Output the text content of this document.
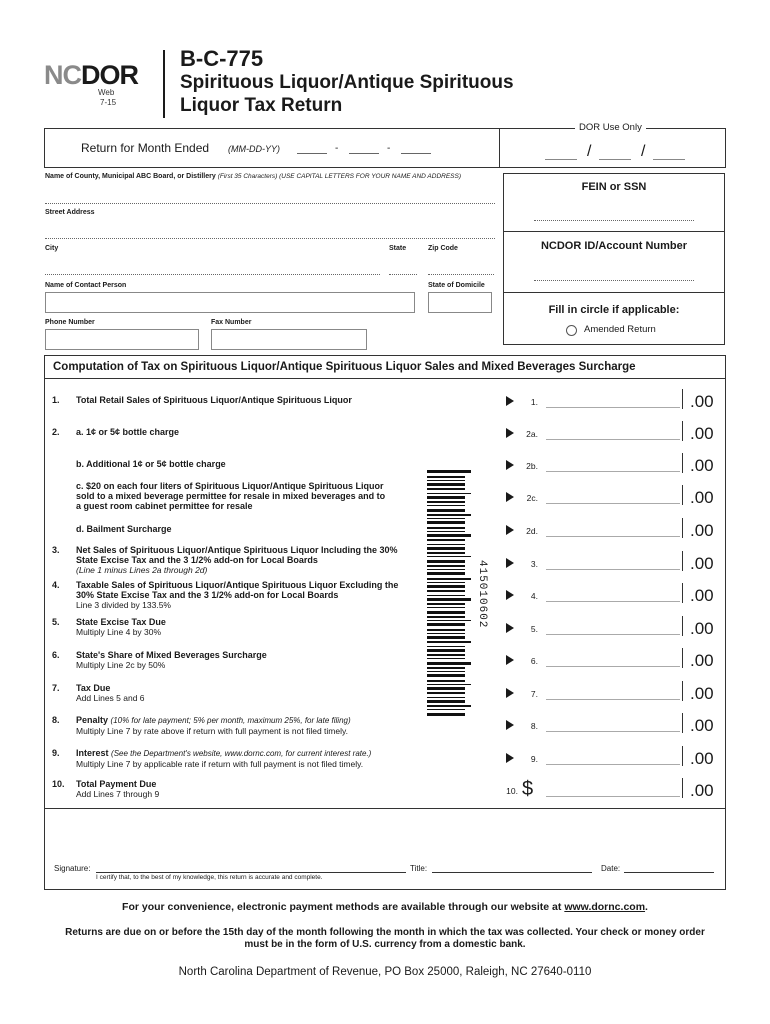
NCDOR
Web
7-15
B-C-775
Spirituous Liquor/Antique Spirituous
Liquor Tax Return
Return for Month Ended (MM-DD-YY)	-	-
DOR Use Only
/	/
Name of County, Municipal ABC Board, or Distillery (First 35 Characters) (USE CAPITAL LETTERS FOR YOUR NAME AND ADDRESS)
Street Address
City	State	Zip Code
Name of Contact Person	State of Domicile
Phone Number	Fax Number
FEIN or SSN
NCDOR ID/Account Number
Fill in circle if applicable:
Amended Return
Computation of Tax on Spirituous Liquor/Antique Spirituous Liquor Sales and Mixed Beverages Surcharge
1. Total Retail Sales of Spirituous Liquor/Antique Spirituous Liquor	1.	.00
2. a. 1¢ or 5¢ bottle charge	2a.	.00
b. Additional 1¢ or 5¢ bottle charge	2b.	.00
c. $20 on each four liters of Spirituous Liquor/Antique Spirituous Liquor sold to a mixed beverage permittee for resale in mixed beverages and to a guest room cabinet permittee for resale
2c.	.00
d. Bailment Surcharge	2d.	.00
3. Net Sales of Spirituous Liquor/Antique Spirituous Liquor Including the 30% State Excise Tax and the 3 1/2% add-on for Local Boards
(Line 1 minus Lines 2a through 2d)
3.	.00
4. Taxable Sales of Spirituous Liquor/Antique Spirituous Liquor Excluding the 30% State Excise Tax and the 3 1/2% add-on for Local Boards
Line 3 divided by 133.5%
4.	.00
5. State Excise Tax Due
Multiply Line 4 by 30%	5.	.00
6. State's Share of Mixed Beverages Surcharge
Multiply Line 2c by 50%	6.	.00
7. Tax Due
Add Lines 5 and 6	7.	.00
8. Penalty (10% for late payment; 5% per month, maximum 25%, for late filing)
Multiply Line 7 by rate above if return with full payment is not filed timely.	8.	.00
9. Interest (See the Department's website, www.dornc.com, for current interest rate.)
Multiply Line 7 by applicable rate if return with full payment is not filed timely.	9.	.00
10. Total Payment Due
Add Lines 7 through 9	10. $	.00
415010602
Signature:	Title:	Date:
I certify that, to the best of my knowledge, this return is accurate and complete.
For your convenience, electronic payment methods are available through our website at www.dornc.com.
Returns are due on or before the 15th day of the month following the month in which the tax was collected. Your check or money order
must be in the form of U.S. currency from a domestic bank.
North Carolina Department of Revenue, PO Box 25000, Raleigh, NC 27640-0110
